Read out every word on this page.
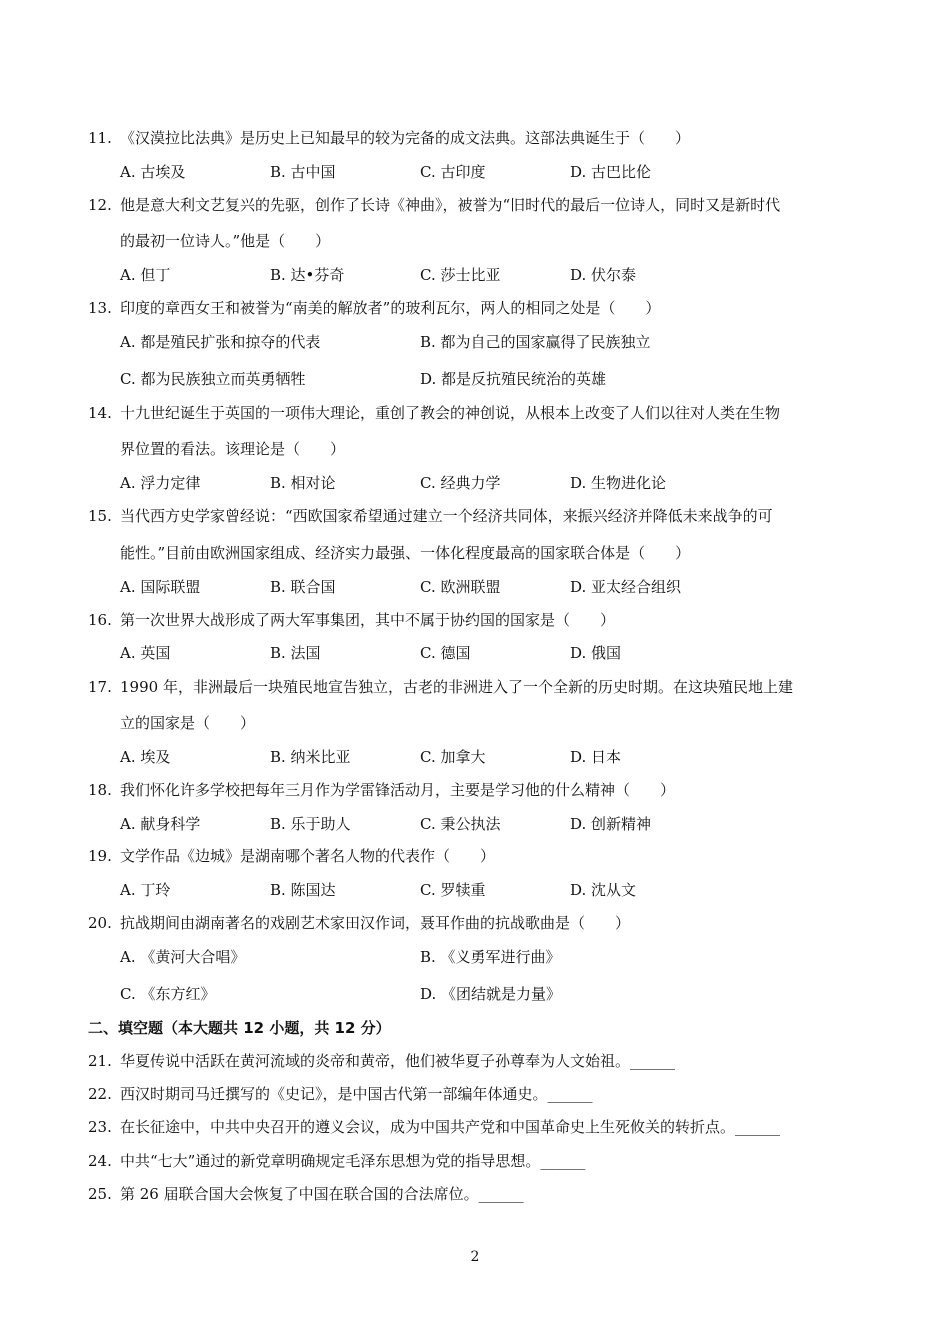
11. 《汉漠拉比法典》是历史上已知最早的较为完备的成文法典。这部法典诞生于（　　）
A. 古埃及	B. 古中国	C. 古印度	D. 古巴比伦
12. 他是意大利文艺复兴的先驱，创作了长诗《神曲》，被誉为“旧时代的最后一位诗人，同时又是新时代
的最初一位诗人。”他是（　　）
A. 但丁	B. 达•芬奇	C. 莎士比亚	D. 伏尔泰
13. 印度的章西女王和被誉为“南美的解放者”的玻利瓦尔，两人的相同之处是（　　）
A. 都是殖民扩张和掠夺的代表	B. 都为自己的国家赢得了民族独立
C. 都为民族独立而英勇牺牲	D. 都是反抗殖民统治的英雄
14. 十九世纪诞生于英国的一项伟大理论，重创了教会的神创说，从根本上改变了人们以往对人类在生物
界位置的看法。该理论是（　　）
A. 浮力定律	B. 相对论	C. 经典力学	D. 生物进化论
15. 当代西方史学家曾经说：“西欧国家希望通过建立一个经济共同体，来振兴经济并降低未来战争的可
能性。”目前由欧洲国家组成、经济实力最强、一体化程度最高的国家联合体是（　　）
A. 国际联盟	B. 联合国	C. 欧洲联盟	D. 亚太经合组织
16. 第一次世界大战形成了两大军事集团，其中不属于协约国的国家是（　　）
A. 英国	B. 法国	C. 德国	D. 俄国
17. 1990 年，非洲最后一块殖民地宣告独立，古老的非洲进入了一个全新的历史时期。在这块殖民地上建
立的国家是（　　）
A. 埃及	B. 纳米比亚	C. 加拿大	D. 日本
18. 我们怀化许多学校把每年三月作为学雷锋活动月，主要是学习他的什么精神（　　）
A. 献身科学	B. 乐于助人	C. 秉公执法	D. 创新精神
19. 文学作品《边城》是湖南哪个著名人物的代表作（　　）
A. 丁玲	B. 陈国达	C. 罗犊重	D. 沈从文
20. 抗战期间由湖南著名的戏剧艺术家田汉作词，聂耳作曲的抗战歌曲是（　　）
A. 《黄河大合唱》	B. 《义勇军进行曲》
C. 《东方红》	D. 《团结就是力量》
二、填空题（本大题共 12 小题，共 12 分）
21. 华夏传说中活跃在黄河流域的炎帝和黄帝，他们被华夏子孙尊奉为人文始祖。______
22. 西汉时期司马迁撰写的《史记》，是中国古代第一部编年体通史。______
23. 在长征途中，中共中央召开的遵义会议，成为中国共产党和中国革命史上生死攸关的转折点。______
24. 中共“七大”通过的新党章明确规定毛泽东思想为党的指导思想。______
25. 第 26 届联合国大会恢复了中国在联合国的合法席位。______
2
